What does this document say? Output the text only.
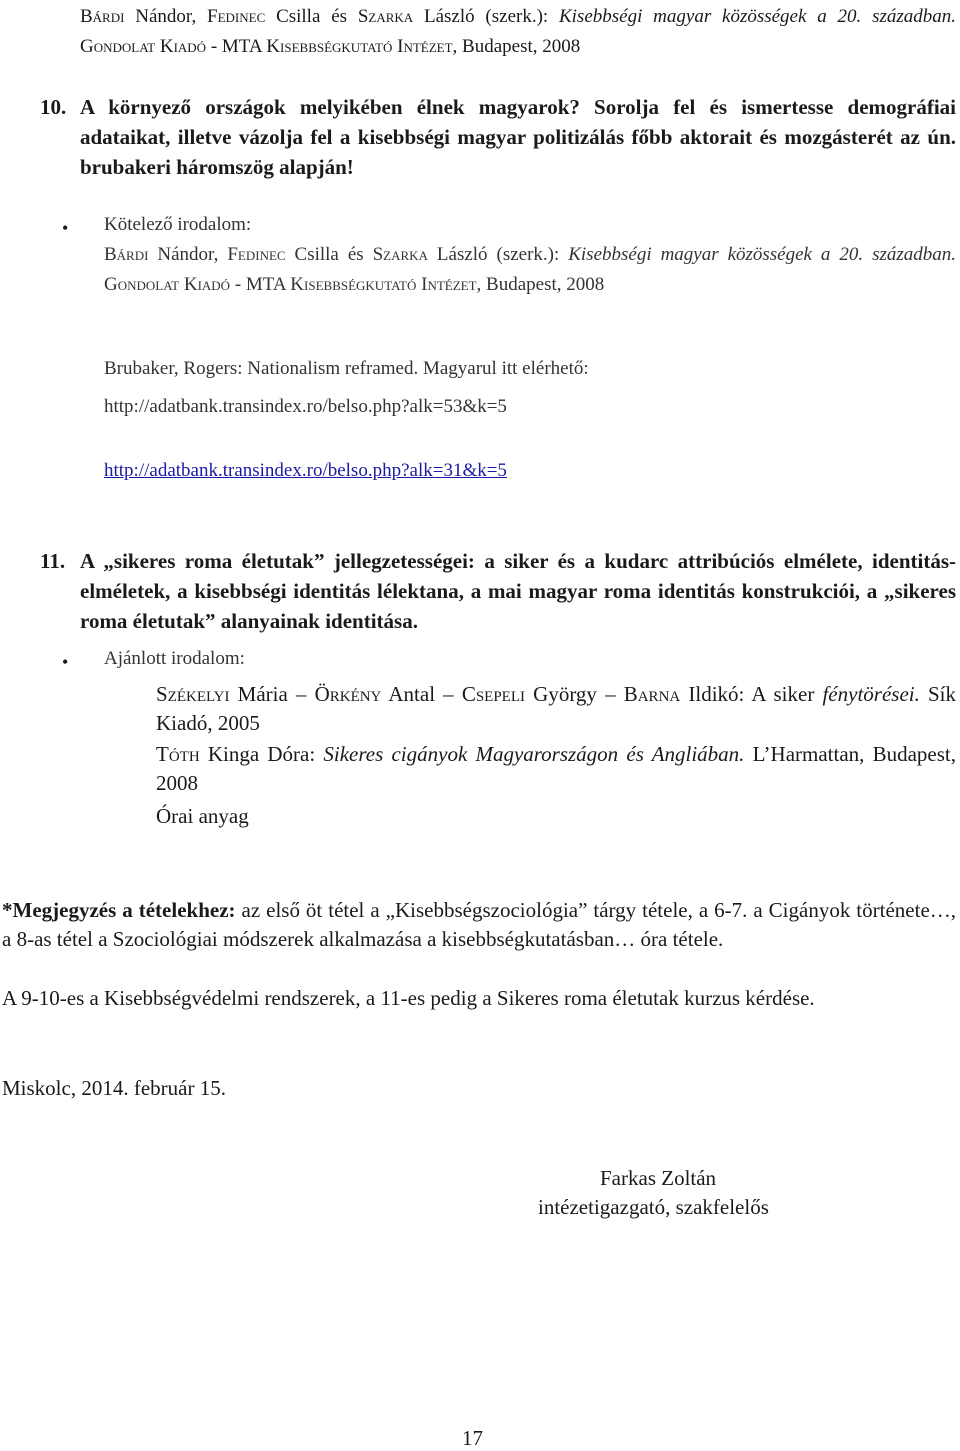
Bárdi Nándor, Fedinec Csilla és Szarka László (szerk.): Kisebbségi magyar közösségek a 20. században. Gondolat Kiadó - MTA Kisebbségkutató Intézet, Budapest, 2008
10. A környező országok melyikében élnek magyarok? Sorolja fel és ismertesse demográfiai adataikat, illetve vázolja fel a kisebbségi magyar politizálás főbb aktorait és mozgásterét az ún. brubakeri háromszög alapján!
• Kötelező irodalom:
Bárdi Nándor, Fedinec Csilla és Szarka László (szerk.): Kisebbségi magyar közösségek a 20. században. Gondolat Kiadó - MTA Kisebbségkutató Intézet, Budapest, 2008
Brubaker, Rogers: Nationalism reframed. Magyarul itt elérhető:
http://adatbank.transindex.ro/belso.php?alk=53&k=5
http://adatbank.transindex.ro/belso.php?alk=31&k=5
11. A „sikeres roma életutak” jellegzetességei: a siker és a kudarc attribúciós elmélete, identitás-elméletek, a kisebbségi identitás lélektana, a mai magyar roma identitás konstrukciói, a „sikeres roma életutak” alanyainak identitása.
• Ajánlott irodalom:
Székelyi Mária – Örkény Antal – Csepeli György – Barna Ildikó: A siker fénytörései. Sík Kiadó, 2005
Tóth Kinga Dóra: Sikeres cigányok Magyarországon és Angliában. L’Harmattan, Budapest, 2008
Órai anyag
*Megjegyzés a tételekhez: az első öt tétel a „Kisebbségszociológia” tárgy tétele, a 6-7. a Cigányok története…, a 8-as tétel a Szociológiai módszerek alkalmazása a kisebbségkutatásban… óra tétele.
A 9-10-es a Kisebbségvédelmi rendszerek, a 11-es pedig a Sikeres roma életutak kurzus kérdése.
Miskolc, 2014. február 15.
Farkas Zoltán
intézetigazgató, szakfelelős
17
